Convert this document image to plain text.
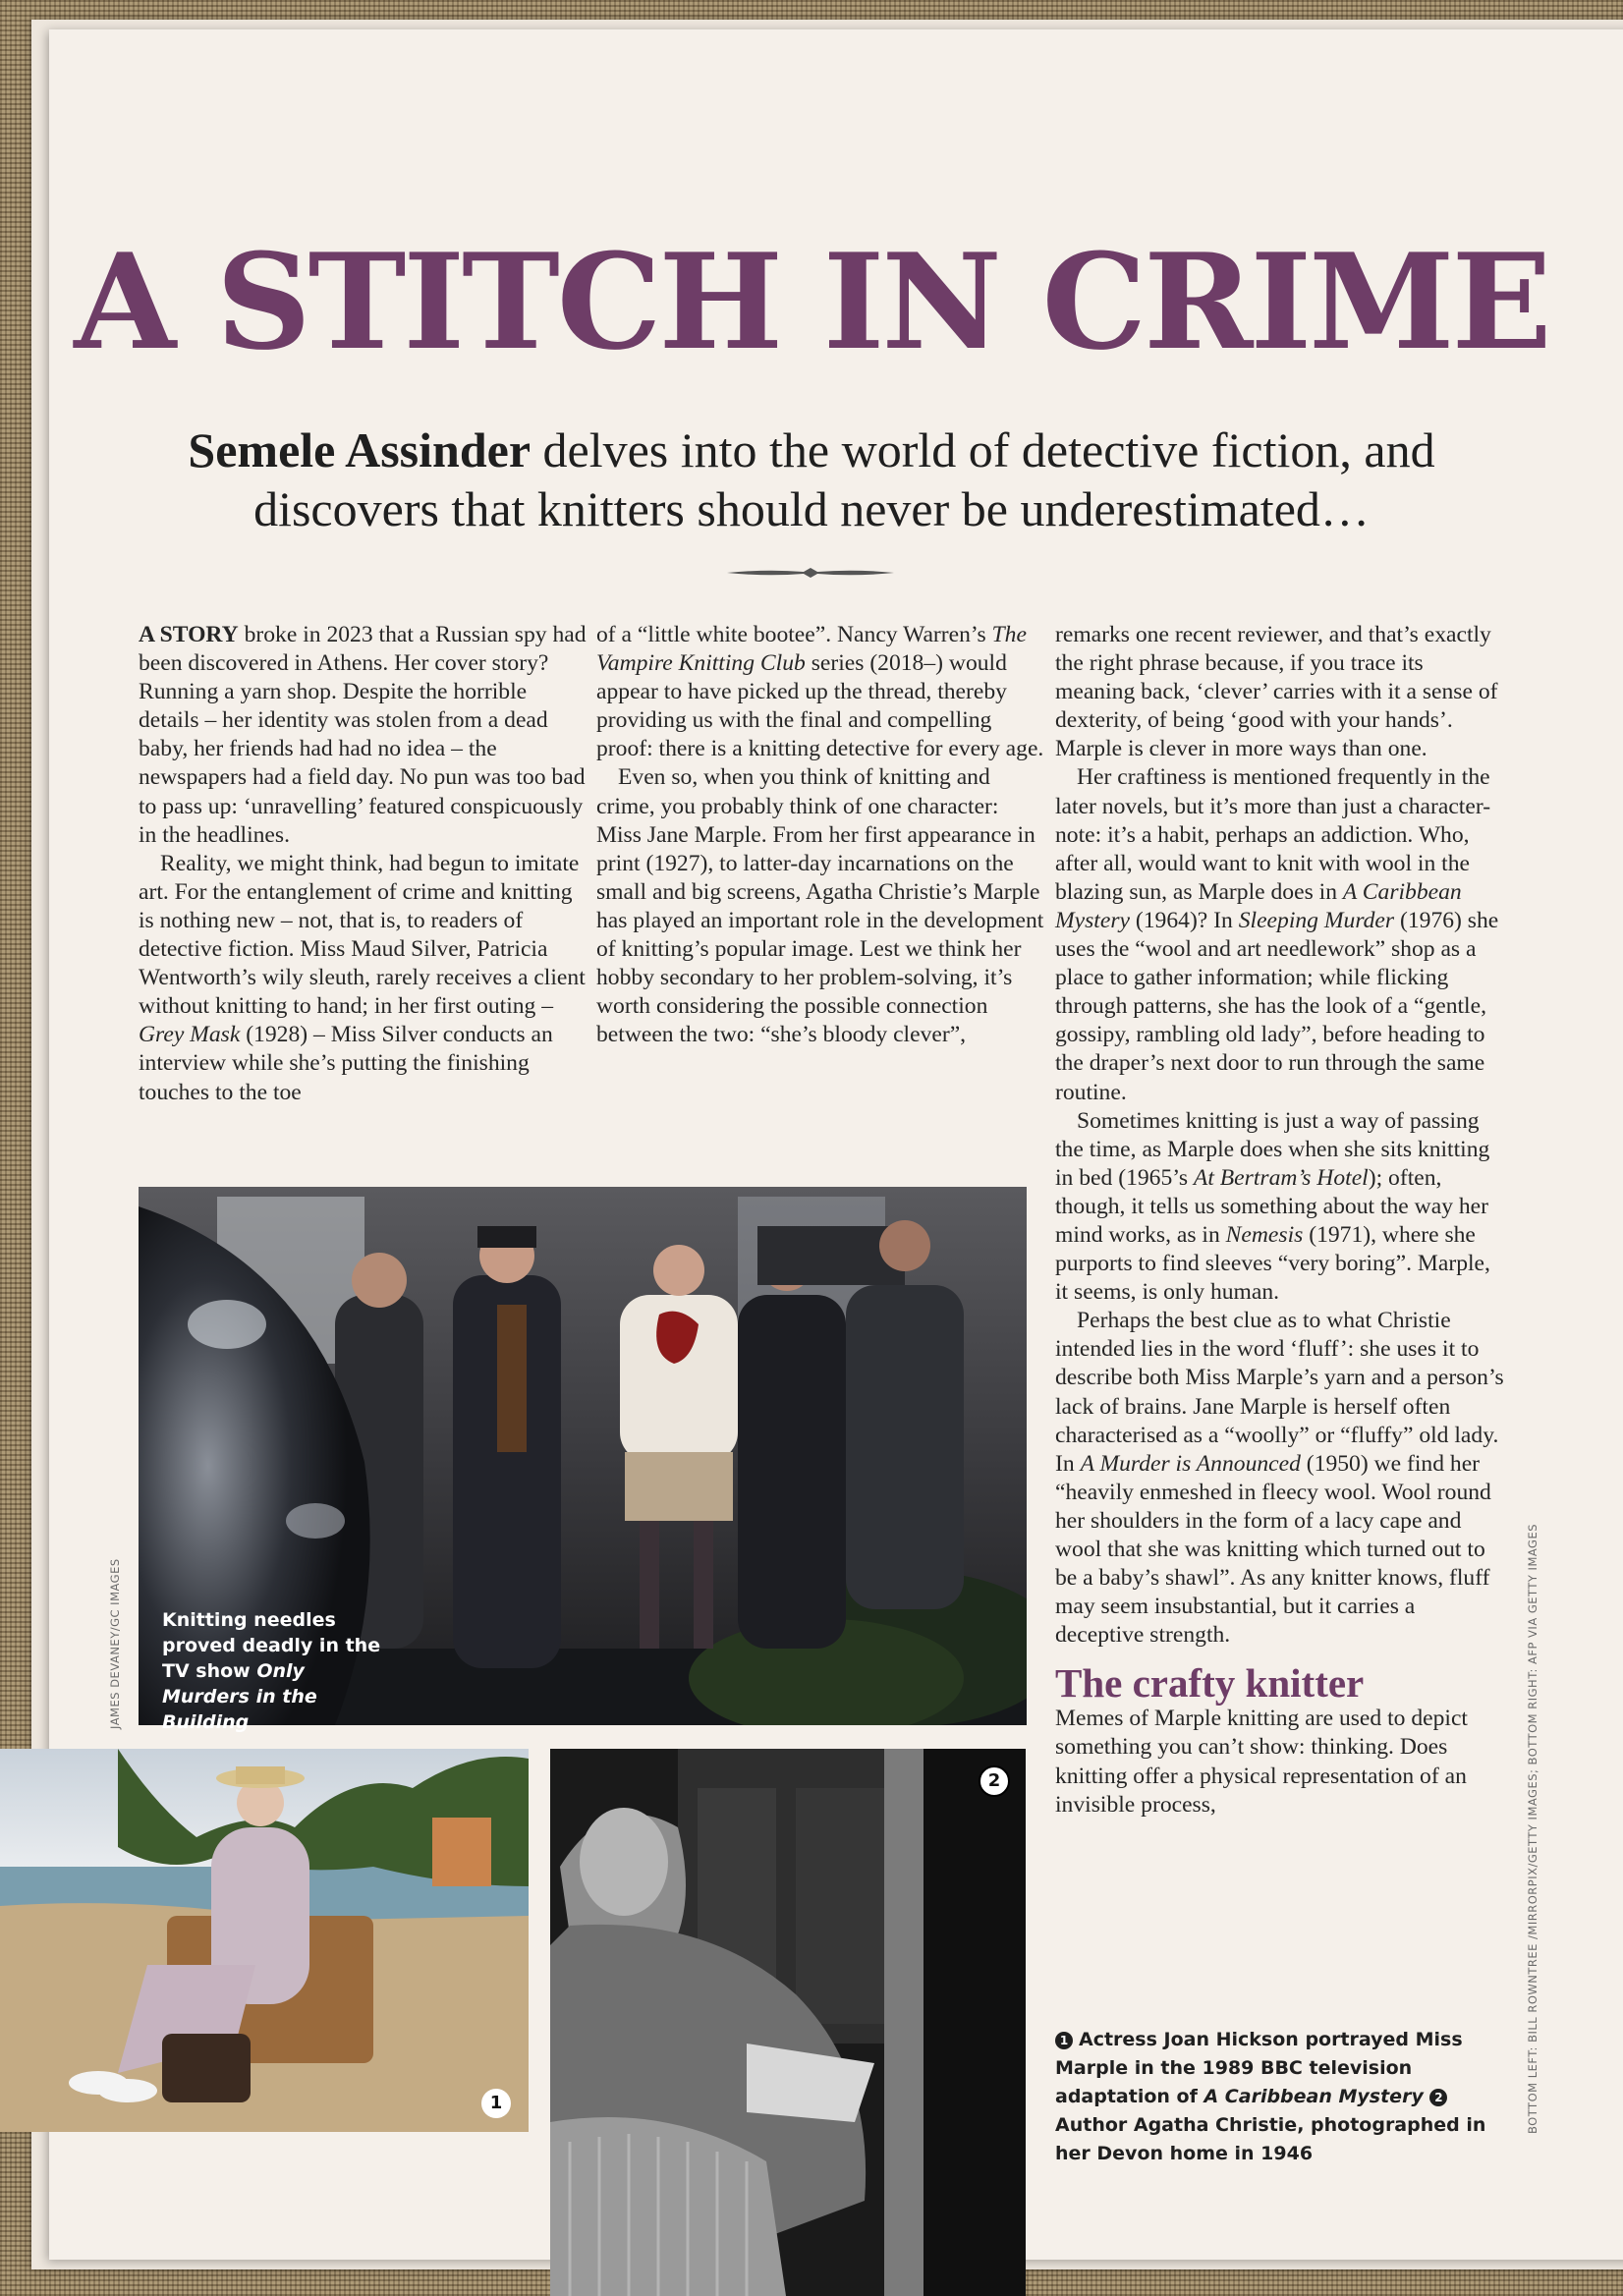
A STITCH IN CRIME
Semele Assinder delves into the world of detective fiction, and discovers that knitters should never be underestimated…

A STORY broke in 2023 that a Russian spy had been discovered in Athens. Her cover story? Running a yarn shop. Despite the horrible details – her identity was stolen from a dead baby, her friends had had no idea – the newspapers had a field day. No pun was too bad to pass up: ‘unravelling’ featured conspicuously in the headlines.

Reality, we might think, had begun to imitate art. For the entanglement of crime and knitting is nothing new – not, that is, to readers of detective fiction. Miss Maud Silver, Patricia Wentworth’s wily sleuth, rarely receives a client without knitting to hand; in her first outing – Grey Mask (1928) – Miss Silver conducts an interview while she’s putting the finishing touches to the toe

of a “little white bootee”. Nancy Warren’s The Vampire Knitting Club series (2018–) would appear to have picked up the thread, thereby providing us with the final and compelling proof: there is a knitting detective for every age.

Even so, when you think of knitting and crime, you probably think of one character: Miss Jane Marple. From her first appearance in print (1927), to latter-day incarnations on the small and big screens, Agatha Christie’s Marple has played an important role in the development of knitting’s popular image. Lest we think her hobby secondary to her problem-solving, it’s worth considering the possible connection between the two: “she’s bloody clever”,

remarks one recent reviewer, and that’s exactly the right phrase because, if you trace its meaning back, ‘clever’ carries with it a sense of dexterity, of being ‘good with your hands’. Marple is clever in more ways than one.

Her craftiness is mentioned frequently in the later novels, but it’s more than just a character-note: it’s a habit, perhaps an addiction. Who, after all, would want to knit with wool in the blazing sun, as Marple does in A Caribbean Mystery (1964)? In Sleeping Murder (1976) she uses the “wool and art needlework” shop as a place to gather information; while flicking through patterns, she has the look of a “gentle, gossipy, rambling old lady”, before heading to the draper’s next door to run through the same routine.

Sometimes knitting is just a way of passing the time, as Marple does when she sits knitting in bed (1965’s At Bertram’s Hotel); often, though, it tells us something about the way her mind works, as in Nemesis (1971), where she purports to find sleeves “very boring”. Marple, it seems, is only human.

Perhaps the best clue as to what Christie intended lies in the word ‘fluff’: she uses it to describe both Miss Marple’s yarn and a person’s lack of brains. Jane Marple is herself often characterised as a “woolly” or “fluffy” old lady. In A Murder is Announced (1950) we find her “heavily enmeshed in fleecy wool. Wool round her shoulders in the form of a lacy cape and wool that she was knitting which turned out to be a baby’s shawl”. As any knitter knows, fluff may seem insubstantial, but it carries a deceptive strength.

The crafty knitter

Memes of Marple knitting are used to depict something you can’t show: thinking. Does knitting offer a physical representation of an invisible process,

Knitting needles proved deadly in the TV show Only Murders in the Building
1
2
1 Actress Joan Hickson portrayed Miss Marple in the 1989 BBC television adaptation of A Caribbean Mystery 2Author Agatha Christie, photographed in her Devon home in 1946
JAMES DEVANEY/GC IMAGES	BOTTOM LEFT: BILL ROWNTREE /MIRRORPIX/GETTY IMAGES; BOTTOM RIGHT: AFP VIA GETTY IMAGES
